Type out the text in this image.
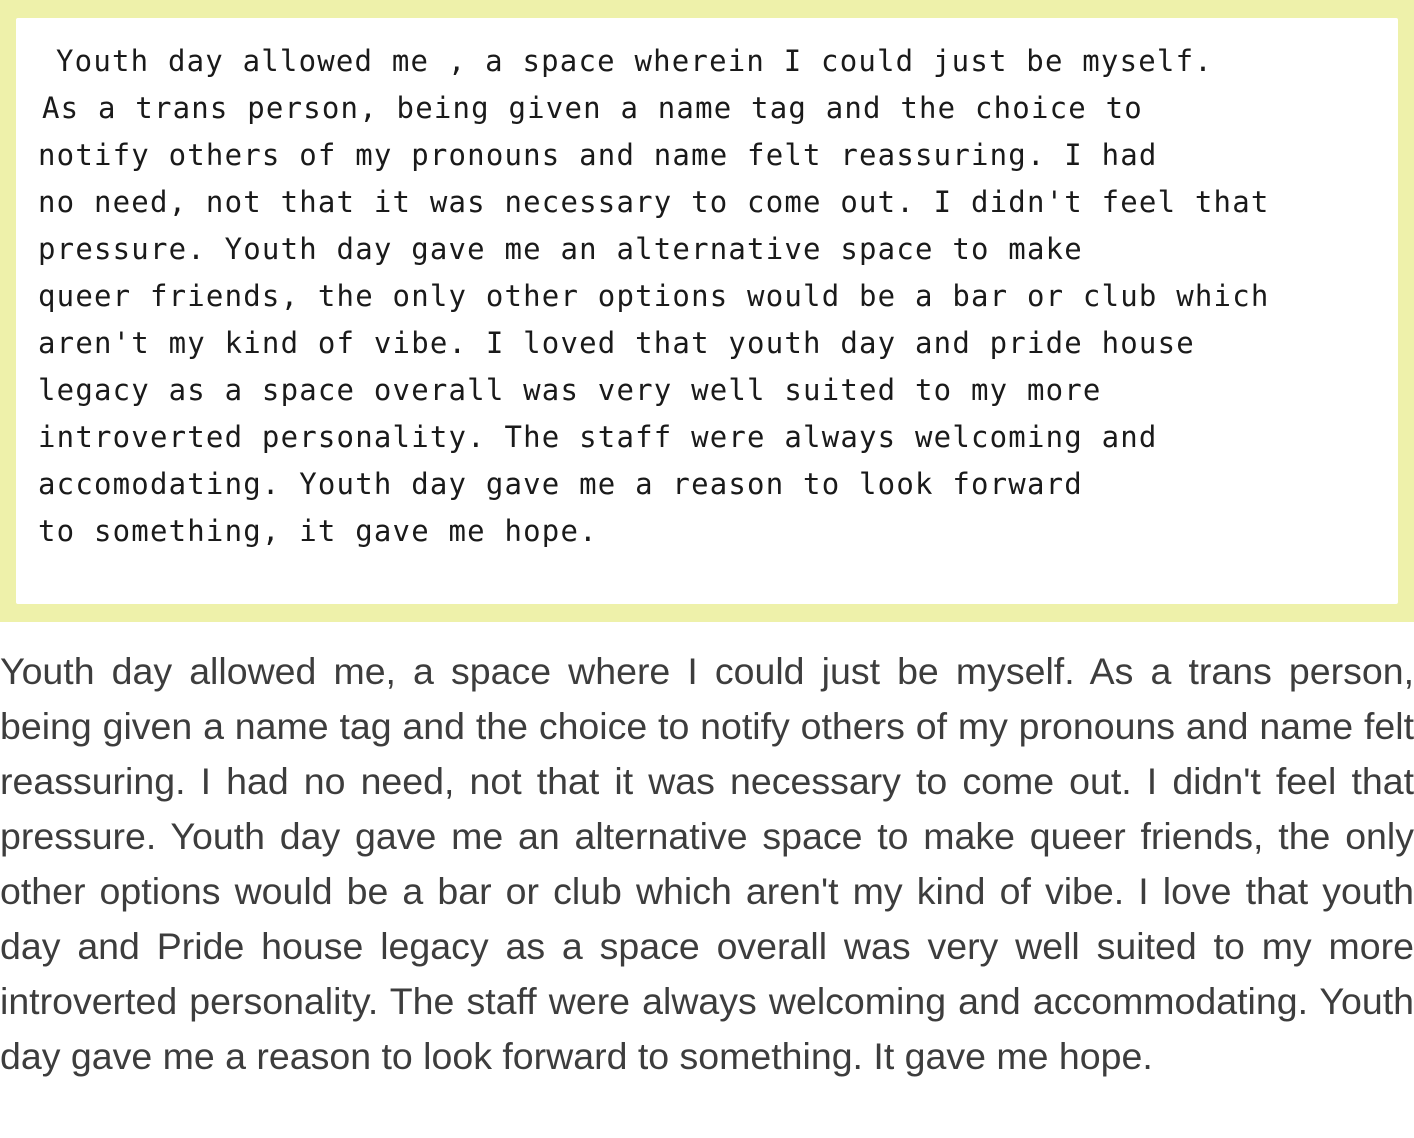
Youth day allowed me , a space wherein I could just be myself.
As a trans person, being given a name tag and the choice to
notify others of my pronouns and name felt reassuring. I had
no need, not that it was necessary to come out. I didn't feel that
pressure. Youth day gave me an alternative space to make
queer friends, the only other options would be a bar or club which
aren't my kind of vibe. I loved that youth day and pride house
legacy as a space overall was very well suited to my more
introverted personality. The staff were always welcoming and
accomodating. Youth day gave me a reason to look forward
to something, it gave me hope.

Youth day allowed me, a space where I could just be myself. As a trans person, being given a name tag and the choice to notify others of my pronouns and name felt reassuring. I had no need, not that it was necessary to come out. I didn't feel that pressure. Youth day gave me an alternative space to make queer friends, the only other options would be a bar or club which aren't my kind of vibe. I love that youth day and Pride house legacy as a space overall was very well suited to my more introverted personality. The staff were always welcoming and accommodating. Youth day gave me a reason to look forward to something. It gave me hope.
